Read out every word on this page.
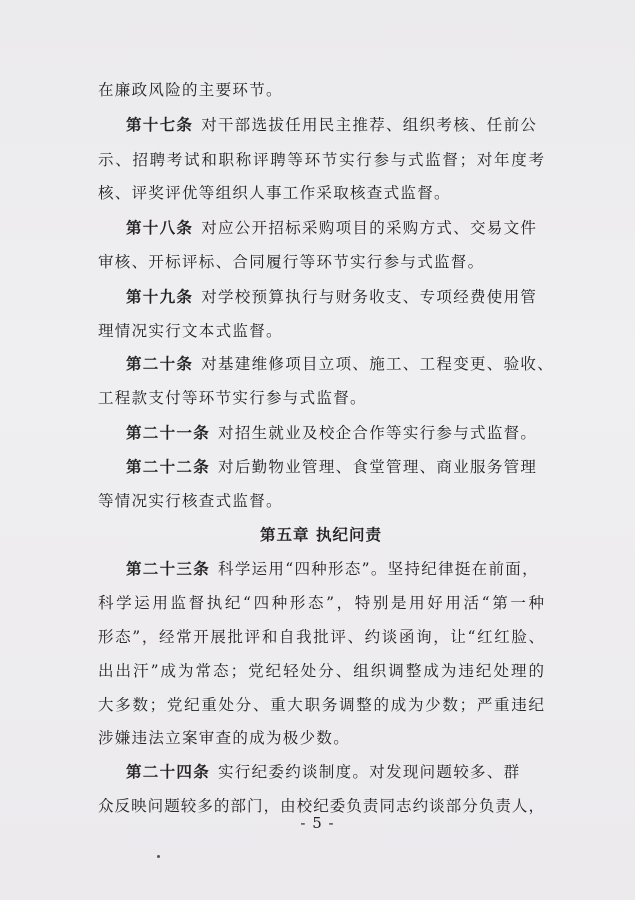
在廉政风险的主要环节。
第十七条 对干部选拔任用民主推荐、组织考核、任前公
示、招聘考试和职称评聘等环节实行参与式监督；对年度考
核、评奖评优等组织人事工作采取核查式监督。
第十八条 对应公开招标采购项目的采购方式、交易文件
审核、开标评标、合同履行等环节实行参与式监督。
第十九条 对学校预算执行与财务收支、专项经费使用管
理情况实行文本式监督。
第二十条 对基建维修项目立项、施工、工程变更、验收、
工程款支付等环节实行参与式监督。
第二十一条 对招生就业及校企合作等实行参与式监督。
第二十二条 对后勤物业管理、食堂管理、商业服务管理
等情况实行核查式监督。
第五章 执纪问责
第二十三条 科学运用“四种形态”。坚持纪律挺在前面，
科学运用监督执纪“四种形态”，特别是用好用活“第一种
形态”，经常开展批评和自我批评、约谈函询，让“红红脸、
出出汗”成为常态；党纪轻处分、组织调整成为违纪处理的
大多数；党纪重处分、重大职务调整的成为少数；严重违纪
涉嫌违法立案审查的成为极少数。
第二十四条 实行纪委约谈制度。对发现问题较多、群
众反映问题较多的部门，由校纪委负责同志约谈部分负责人，
- 5 -
